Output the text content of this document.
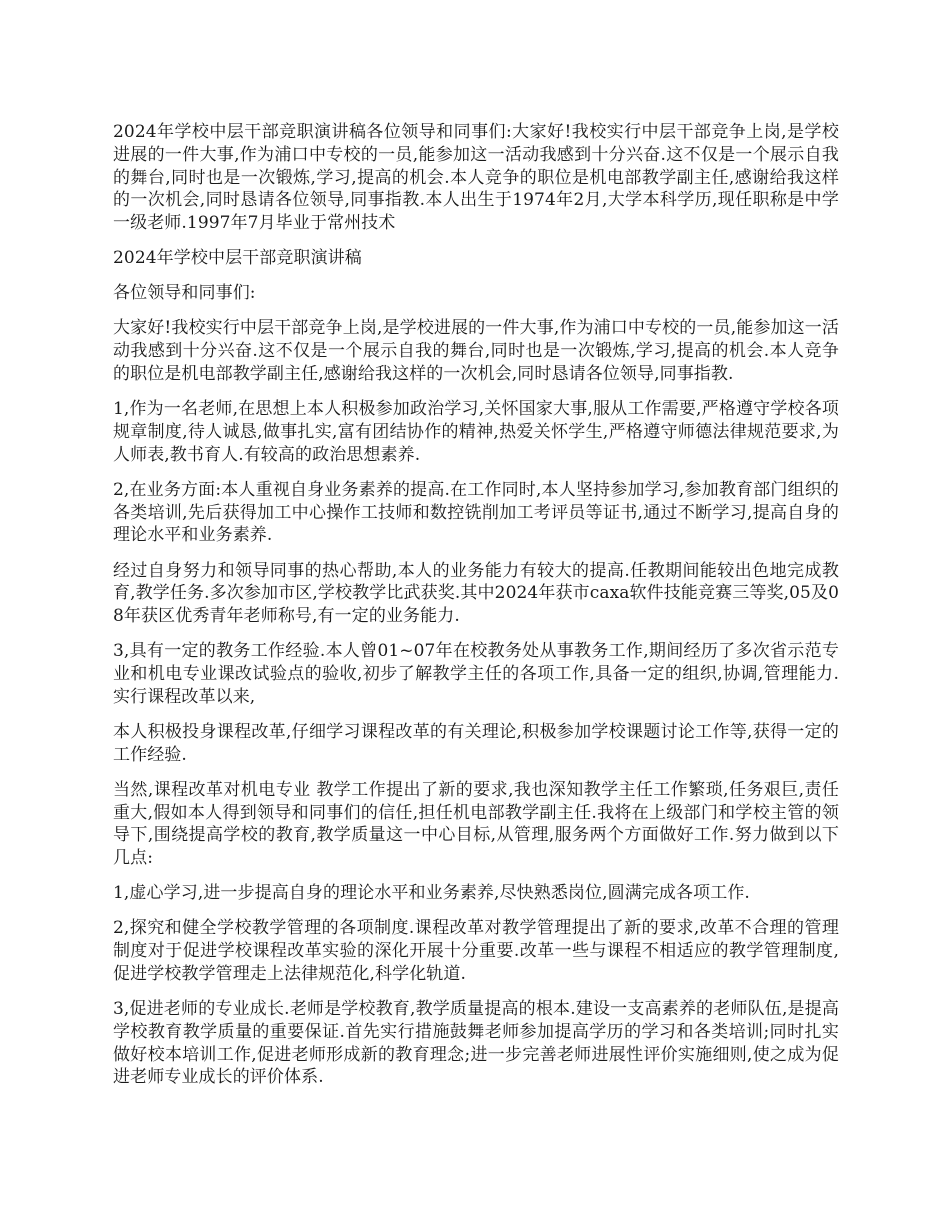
2024年学校中层干部竞职演讲稿各位领导和同事们:大家好!我校实行中层干部竞争上岗,是学校进展的一件大事,作为浦口中专校的一员,能参加这一活动我感到十分兴奋.这不仅是一个展示自我的舞台,同时也是一次锻炼,学习,提高的机会.本人竞争的职位是机电部教学副主任,感谢给我这样的一次机会,同时恳请各位领导,同事指教.本人出生于1974年2月,大学本科学历,现任职称是中学一级老师.1997年7月毕业于常州技术

2024年学校中层干部竞职演讲稿

各位领导和同事们:

大家好!我校实行中层干部竞争上岗,是学校进展的一件大事,作为浦口中专校的一员,能参加这一活动我感到十分兴奋.这不仅是一个展示自我的舞台,同时也是一次锻炼,学习,提高的机会.本人竞争的职位是机电部教学副主任,感谢给我这样的一次机会,同时恳请各位领导,同事指教.

1,作为一名老师,在思想上本人积极参加政治学习,关怀国家大事,服从工作需要,严格遵守学校各项规章制度,待人诚恳,做事扎实,富有团结协作的精神,热爱关怀学生,严格遵守师德法律规范要求,为人师表,教书育人.有较高的政治思想素养.

2,在业务方面:本人重视自身业务素养的提高.在工作同时,本人坚持参加学习,参加教育部门组织的各类培训,先后获得加工中心操作工技师和数控铣削加工考评员等证书,通过不断学习,提高自身的理论水平和业务素养.

经过自身努力和领导同事的热心帮助,本人的业务能力有较大的提高.任教期间能较出色地完成教育,教学任务.多次参加市区,学校教学比武获奖.其中2024年获市caxa软件技能竞赛三等奖,05及08年获区优秀青年老师称号,有一定的业务能力.

3,具有一定的教务工作经验.本人曾01~07年在校教务处从事教务工作,期间经历了多次省示范专业和机电专业课改试验点的验收,初步了解教学主任的各项工作,具备一定的组织,协调,管理能力.实行课程改革以来,

本人积极投身课程改革,仔细学习课程改革的有关理论,积极参加学校课题讨论工作等,获得一定的工作经验.

当然,课程改革对机电专业 教学工作提出了新的要求,我也深知教学主任工作繁琐,任务艰巨,责任重大,假如本人得到领导和同事们的信任,担任机电部教学副主任.我将在上级部门和学校主管的领导下,围绕提高学校的教育,教学质量这一中心目标,从管理,服务两个方面做好工作.努力做到以下几点:

1,虚心学习,进一步提高自身的理论水平和业务素养,尽快熟悉岗位,圆满完成各项工作.

2,探究和健全学校教学管理的各项制度.课程改革对教学管理提出了新的要求,改革不合理的管理制度对于促进学校课程改革实验的深化开展十分重要.改革一些与课程不相适应的教学管理制度,促进学校教学管理走上法律规范化,科学化轨道.

3,促进老师的专业成长.老师是学校教育,教学质量提高的根本.建设一支高素养的老师队伍,是提高学校教育教学质量的重要保证.首先实行措施鼓舞老师参加提高学历的学习和各类培训;同时扎实做好校本培训工作,促进老师形成新的教育理念;进一步完善老师进展性评价实施细则,使之成为促进老师专业成长的评价体系.
